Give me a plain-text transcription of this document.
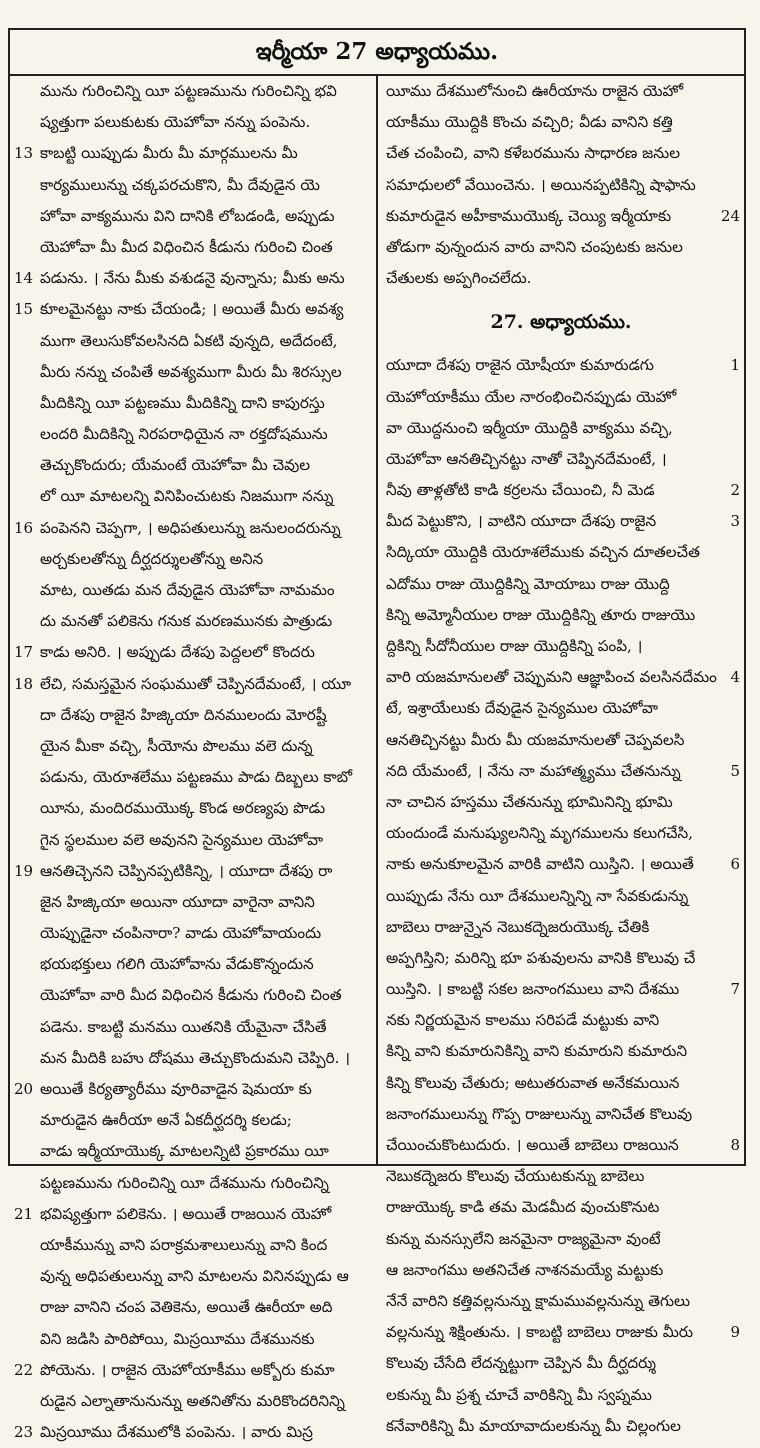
ఇర్మీయా 27 అధ్యాయము.
మును గురించిన్ని యీ పట్టణమును గురించిన్ని భవి
ష్యత్తుగా పలుకుటకు యెహోవా నన్ను పంపెను.
13 కాబట్టి యిప్పుడు మీరు మీ మార్గములను మీ
కార్యములున్ను చక్కపరచుకొని, మీ దేవుడైన యె
హోవా వాక్యమును విని దానికి లోబడండి, అప్పుడు
యెహోవా మీ మీద విధించిన కీడును గురించి చింత
14 పడును. । నేను మీకు వశుడనై వున్నాను; మీకు అను
15 కూలమైనట్టు నాకు చేయండి; । అయితే మీరు అవశ్య
ముగా తెలుసుకోవలసినది ఏకటి వున్నది, అదేదంటే,
మీరు నన్ను చంపితే అవశ్యముగా మీరు మీ శిరస్సుల
మీదికిన్ని యీ పట్టణము మీదికిన్ని దాని కాపురస్తు
లందరి మీదికిన్ని నిరపరాధియైన నా రక్తదోషమును
తెచ్చుకొందురు; యేమంటే యెహోవా మీ చెవుల
లో యీ మాటలన్ని వినిపించుటకు నిజముగా నన్ను
16 పంపెనని చెప్పగా, । అధిపతులున్ను జనులందరున్ను
అర్చకులతోన్ను దీర్ఘదర్శులతోన్ను అనిన
మాట, యితడు మన దేవుడైన యెహోవా నామమం
దు మనతో పలికెను గనుక మరణమునకు పాత్రుడు
17 కాడు అనిరి. । అప్పుడు దేశపు పెద్దలలో కొందరు
18 లేచి, సమస్తమైన సంఘముతో చెప్పినదేమంటే, । యూ
దా దేశపు రాజైన హిజ్కియా దినములందు మోరష్టీ
యైన మీకా వచ్చి, సీయోను పొలము వలె దున్న
పడును, యెరూశలేము పట్టణము పాడు దిబ్బలు కాబో
యీను, మందిరముయొక్క కొండ అరణ్యపు పొడు
గైన స్థలముల వలె అవునని సైన్యముల యెహోవా
19 ఆనతిచ్చెనని చెప్పినప్పటికిన్ని, । యూదా దేశపు రా
జైన హిజ్కియా అయినా యూదా వారైనా వానిని
యెప్పుడైనా చంపినారా? వాడు యెహోవాయందు
భయభక్తులు గలిగి యెహోవాను వేడుకొన్నందున
యెహోవా వారి మీద విధించిన కీడును గురించి చింత
పడెను. కాబట్టి మనము యితనికి యేమైనా చేసితే
మన మీదికి బహు దోషము తెచ్చుకొందుమని చెప్పిరి. ।
20 అయితే కిర్యత్యారీము వూరివాడైన షెమయా కు
మారుడైన ఊరీయా అనే ఏకదీర్ఘదర్శి కలడు;
వాడు ఇర్మీయాయొక్క మాటలన్నిటి ప్రకారము యీ
పట్టణమును గురించిన్ని యీ దేశమును గురించిన్ని
21 భవిష్యత్తుగా పలికెను. । అయితే రాజయిన యెహో
యాకీమున్ను వాని పరాక్రమశాలులున్ను వాని కింద
వున్న అధిపతులున్ను వాని మాటలను వినినప్పుడు ఆ
రాజు వానిని చంప వెతికెను, అయితే ఊరీయా అది
విని జడిసి పారిపోయి, మిస్రయీము దేశమునకు
22 పోయెను. । రాజైన యెహోయాకీము అక్బోరు కుమా
రుడైన ఎల్నాతానునున్ను అతనితోను మరికొందరినిన్ని
23 మిస్రయీము దేశములోకి పంపెను. । వారు మిస్ర
యీము దేశములోనుంచి ఊరీయాను రాజైన యెహో
యాకీము యొద్దికి కొంచు వచ్చిరి; వీడు వానిని కత్తి
చేత చంపించి, వాని కళేబరమును సాధారణ జనుల
సమాధులలో వేయించెను. । అయినప్పటికిన్ని షాఫాను
24
కుమారుడైన అహీకాముయొక్క చెయ్యి ఇర్మీయాకు
తోడుగా వున్నందున వారు వానిని చంపుటకు జనుల
చేతులకు అప్పగించలేదు.
27. అధ్యాయము.
1
యూదా దేశపు రాజైన యోషీయా కుమారుడగు
యెహోయాకీము యేల నారంభించినప్పుడు యెహో
వా యొద్దనుంచి ఇర్మీయా యొద్దికి వాక్యము వచ్చి,
యెహోవా ఆనతిచ్చినట్టు నాతో చెప్పినదేమంటే, ।
2
నీవు తాళ్లతోటి కాడి కర్రలను చేయించి, నీ మెడ
3
మీద పెట్టుకొని, । వాటిని యూదా దేశపు రాజైన
సిద్కియా యొద్దికి యెరూశలేముకు వచ్చిన దూతలచేత
ఎదోము రాజు యొద్దికిన్ని మోయాబు రాజు యొద్ది
కిన్ని అమ్మోనీయుల రాజు యొద్దికిన్ని తూరు రాజుయొ
ద్దికిన్ని సీదోనీయుల రాజు యొద్దికిన్ని పంపి, ।
4
వారి యజమానులతో చెప్పుమని ఆజ్ఞాపించ వలసినదేమం
టే, ఇశ్రాయేలుకు దేవుడైన సైన్యముల యెహోవా
ఆనతిచ్చినట్టు మీరు మీ యజమానులతో చెప్పవలసి
5
నది యేమంటే, । నేను నా మహాత్మ్యము చేతనున్ను
నా చాచిన హస్తము చేతనున్ను భూమినిన్ని భూమి
యందుండే మనుష్యులనిన్ని మృగములను కలుగచేసి,
6
నాకు అనుకూలమైన వారికి వాటిని యిస్తిని. । అయితే
యిప్పుడు నేను యీ దేశములన్నిన్ని నా సేవకుడున్ను
బాబెలు రాజున్నైన నెబుకద్నెజరుయొక్క చేతికి
అప్పగిస్తిని; మరిన్ని భూ పశువులను వానికి కొలువు చే
7
యిస్తిని. । కాబట్టి సకల జనాంగములు వాని దేశము
నకు నిర్ణయమైన కాలము సరిపడే మట్టుకు వాని
కిన్ని వాని కుమారునికిన్ని వాని కుమారుని కుమారుని
కిన్ని కొలువు చేతురు; అటుతరువాత అనేకమయిన
జనాంగములున్ను గొప్ప రాజులున్ను వానిచేత కొలువు
8
చేయించుకొంటుదురు. । అయితే బాబెలు రాజయిన
నెబుకద్నెజరు కొలువు చేయుటకున్ను బాబెలు
రాజుయొక్క కాడి తమ మెడమీద వుంచుకొనుట
కున్ను మనస్సులేని జనమైనా రాజ్యమైనా వుంటే
ఆ జనాంగము అతనిచేత నాశనమయ్యే మట్టుకు
నేనే వారిని కత్తివల్లనున్ను క్షామమువల్లనున్ను తెగులు
9
వల్లనున్ను శిక్షింతును. । కాబట్టి బాబెలు రాజుకు మీరు
కొలువు చేసేది లేదన్నట్టుగా చెప్పిన మీ దీర్ఘదర్శు
లకున్ను మీ ప్రశ్న చూచే వారికిన్ని మీ స్వప్నము
కనేవారికిన్ని మీ మాయావాదులకున్ను మీ చిల్లంగుల
